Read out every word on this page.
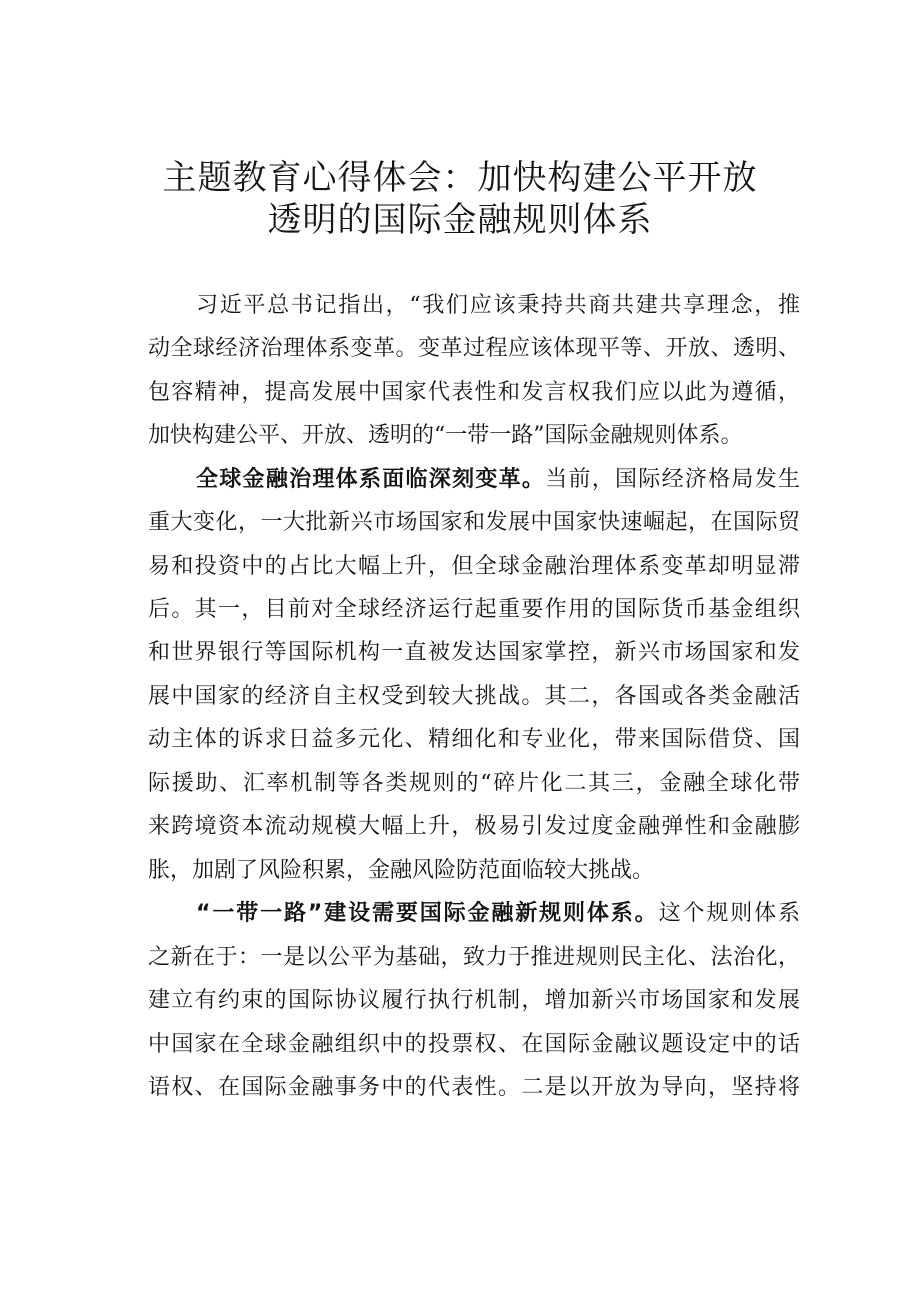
主题教育心得体会：加快构建公平开放
透明的国际金融规则体系
习近平总书记指出，“我们应该秉持共商共建共享理念，推
动全球经济治理体系变革。变革过程应该体现平等、开放、透明、
包容精神，提高发展中国家代表性和发言权我们应以此为遵循，
加快构建公平、开放、透明的“一带一路”国际金融规则体系。
全球金融治理体系面临深刻变革。当前，国际经济格局发生
重大变化，一大批新兴市场国家和发展中国家快速崛起，在国际贸
易和投资中的占比大幅上升，但全球金融治理体系变革却明显滞
后。其一，目前对全球经济运行起重要作用的国际货币基金组织
和世界银行等国际机构一直被发达国家掌控，新兴市场国家和发
展中国家的经济自主权受到较大挑战。其二，各国或各类金融活
动主体的诉求日益多元化、精细化和专业化，带来国际借贷、国
际援助、汇率机制等各类规则的“碎片化二其三，金融全球化带
来跨境资本流动规模大幅上升，极易引发过度金融弹性和金融膨
胀，加剧了风险积累，金融风险防范面临较大挑战。
“一带一路”建设需要国际金融新规则体系。这个规则体系
之新在于：一是以公平为基础，致力于推进规则民主化、法治化，
建立有约束的国际协议履行执行机制，增加新兴市场国家和发展
中国家在全球金融组织中的投票权、在国际金融议题设定中的话
语权、在国际金融事务中的代表性。二是以开放为导向，坚持将
